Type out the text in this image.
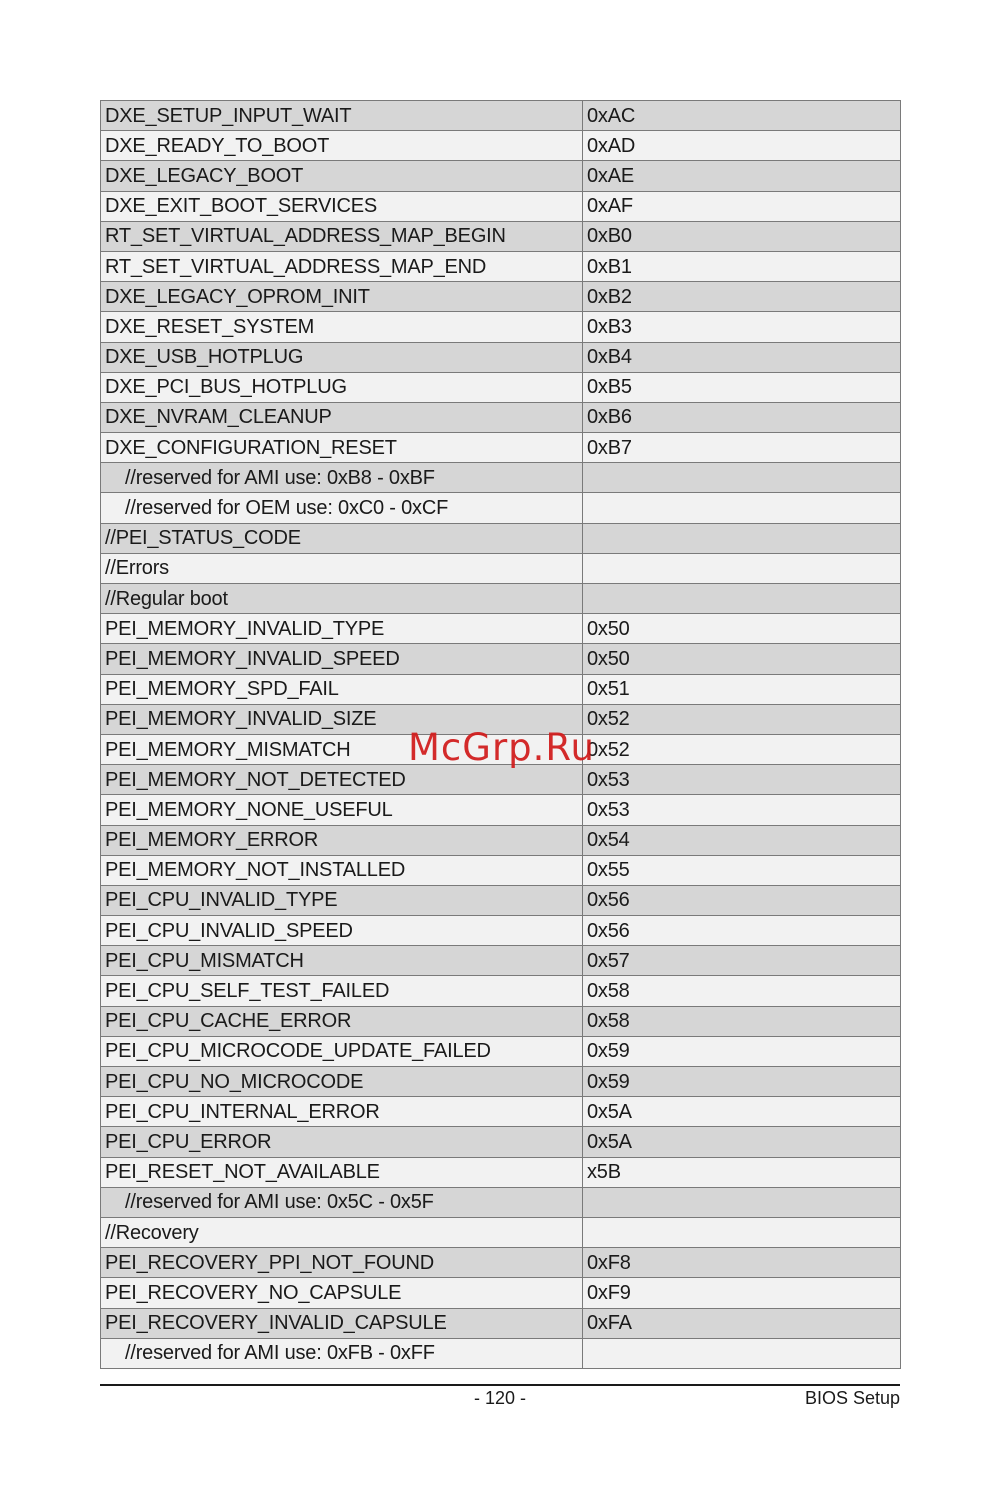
DXE_SETUP_INPUT_WAIT	0xAC
DXE_READY_TO_BOOT	0xAD
DXE_LEGACY_BOOT	0xAE
DXE_EXIT_BOOT_SERVICES	0xAF
RT_SET_VIRTUAL_ADDRESS_MAP_BEGIN	0xB0
RT_SET_VIRTUAL_ADDRESS_MAP_END	0xB1
DXE_LEGACY_OPROM_INIT	0xB2
DXE_RESET_SYSTEM	0xB3
DXE_USB_HOTPLUG	0xB4
DXE_PCI_BUS_HOTPLUG	0xB5
DXE_NVRAM_CLEANUP	0xB6
DXE_CONFIGURATION_RESET	0xB7
//reserved for AMI use: 0xB8 - 0xBF	
//reserved for OEM use: 0xC0 - 0xCF	
//PEI_STATUS_CODE	
//Errors	
//Regular boot	
PEI_MEMORY_INVALID_TYPE	0x50
PEI_MEMORY_INVALID_SPEED	0x50
PEI_MEMORY_SPD_FAIL	0x51
PEI_MEMORY_INVALID_SIZE	0x52
PEI_MEMORY_MISMATCH	0x52
PEI_MEMORY_NOT_DETECTED	0x53
PEI_MEMORY_NONE_USEFUL	0x53
PEI_MEMORY_ERROR	0x54
PEI_MEMORY_NOT_INSTALLED	0x55
PEI_CPU_INVALID_TYPE	0x56
PEI_CPU_INVALID_SPEED	0x56
PEI_CPU_MISMATCH	0x57
PEI_CPU_SELF_TEST_FAILED	0x58
PEI_CPU_CACHE_ERROR	0x58
PEI_CPU_MICROCODE_UPDATE_FAILED	0x59
PEI_CPU_NO_MICROCODE	0x59
PEI_CPU_INTERNAL_ERROR	0x5A
PEI_CPU_ERROR	0x5A
PEI_RESET_NOT_AVAILABLE	x5B
//reserved for AMI use: 0x5C - 0x5F	
//Recovery	
PEI_RECOVERY_PPI_NOT_FOUND	0xF8
PEI_RECOVERY_NO_CAPSULE	0xF9
PEI_RECOVERY_INVALID_CAPSULE	0xFA
//reserved for AMI use: 0xFB - 0xFF	
- 120 -	BIOS Setup
McGrp.Ru
